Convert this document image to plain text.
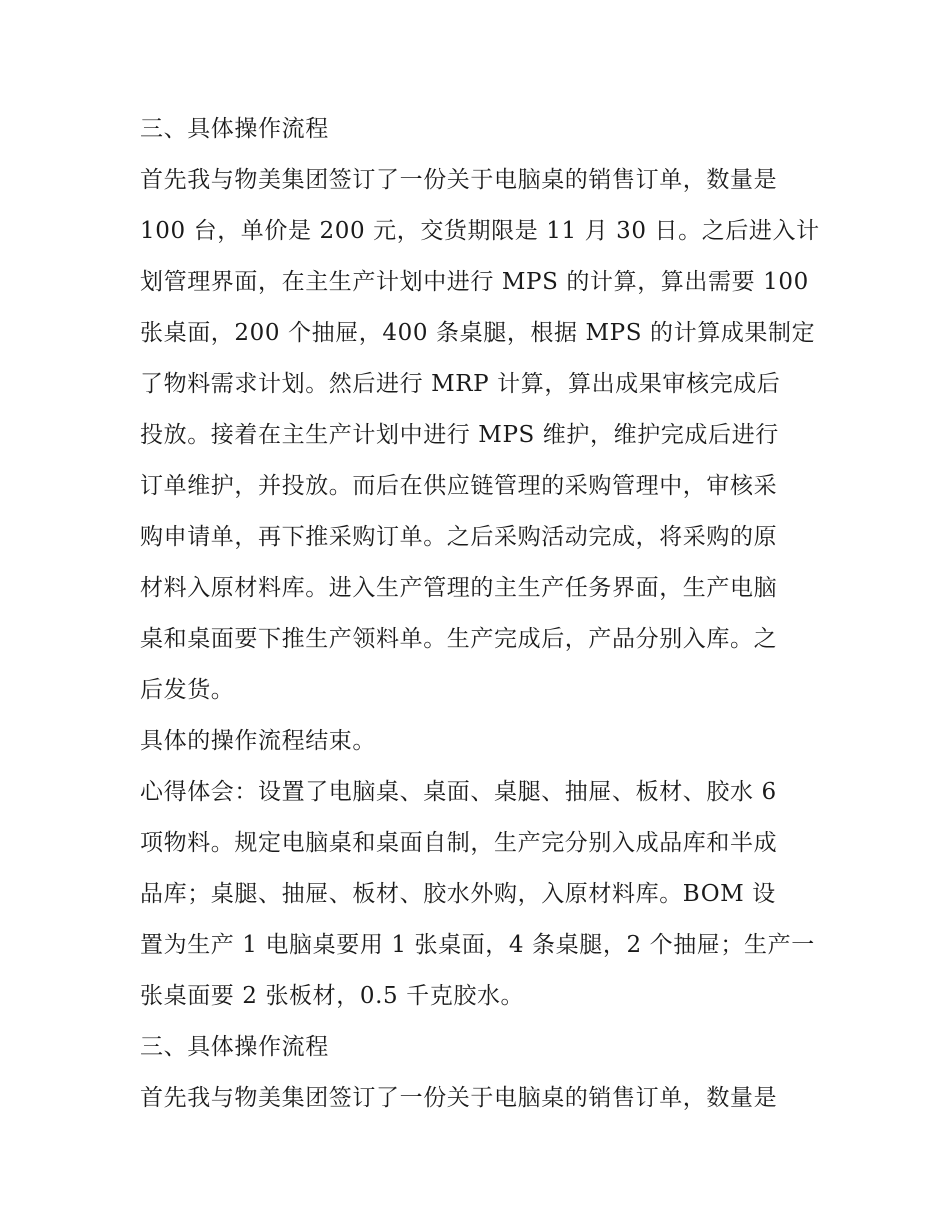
三、具体操作流程
首先我与物美集团签订了一份关于电脑桌的销售订单，数量是
100 台，单价是 200 元，交货期限是 11 月 30 日。之后进入计
划管理界面，在主生产计划中进行 MPS 的计算，算出需要 100
张桌面，200 个抽屉，400 条桌腿，根据 MPS 的计算成果制定
了物料需求计划。然后进行 MRP 计算，算出成果审核完成后
投放。接着在主生产计划中进行 MPS 维护，维护完成后进行
订单维护，并投放。而后在供应链管理的采购管理中，审核采
购申请单，再下推采购订单。之后采购活动完成，将采购的原
材料入原材料库。进入生产管理的主生产任务界面，生产电脑
桌和桌面要下推生产领料单。生产完成后，产品分别入库。之
后发货。
具体的操作流程结束。
心得体会：设置了电脑桌、桌面、桌腿、抽屉、板材、胶水 6
项物料。规定电脑桌和桌面自制，生产完分别入成品库和半成
品库；桌腿、抽屉、板材、胶水外购，入原材料库。BOM 设
置为生产 1 电脑桌要用 1 张桌面，4 条桌腿，2 个抽屉；生产一
张桌面要 2 张板材，0.5 千克胶水。
三、具体操作流程
首先我与物美集团签订了一份关于电脑桌的销售订单，数量是
